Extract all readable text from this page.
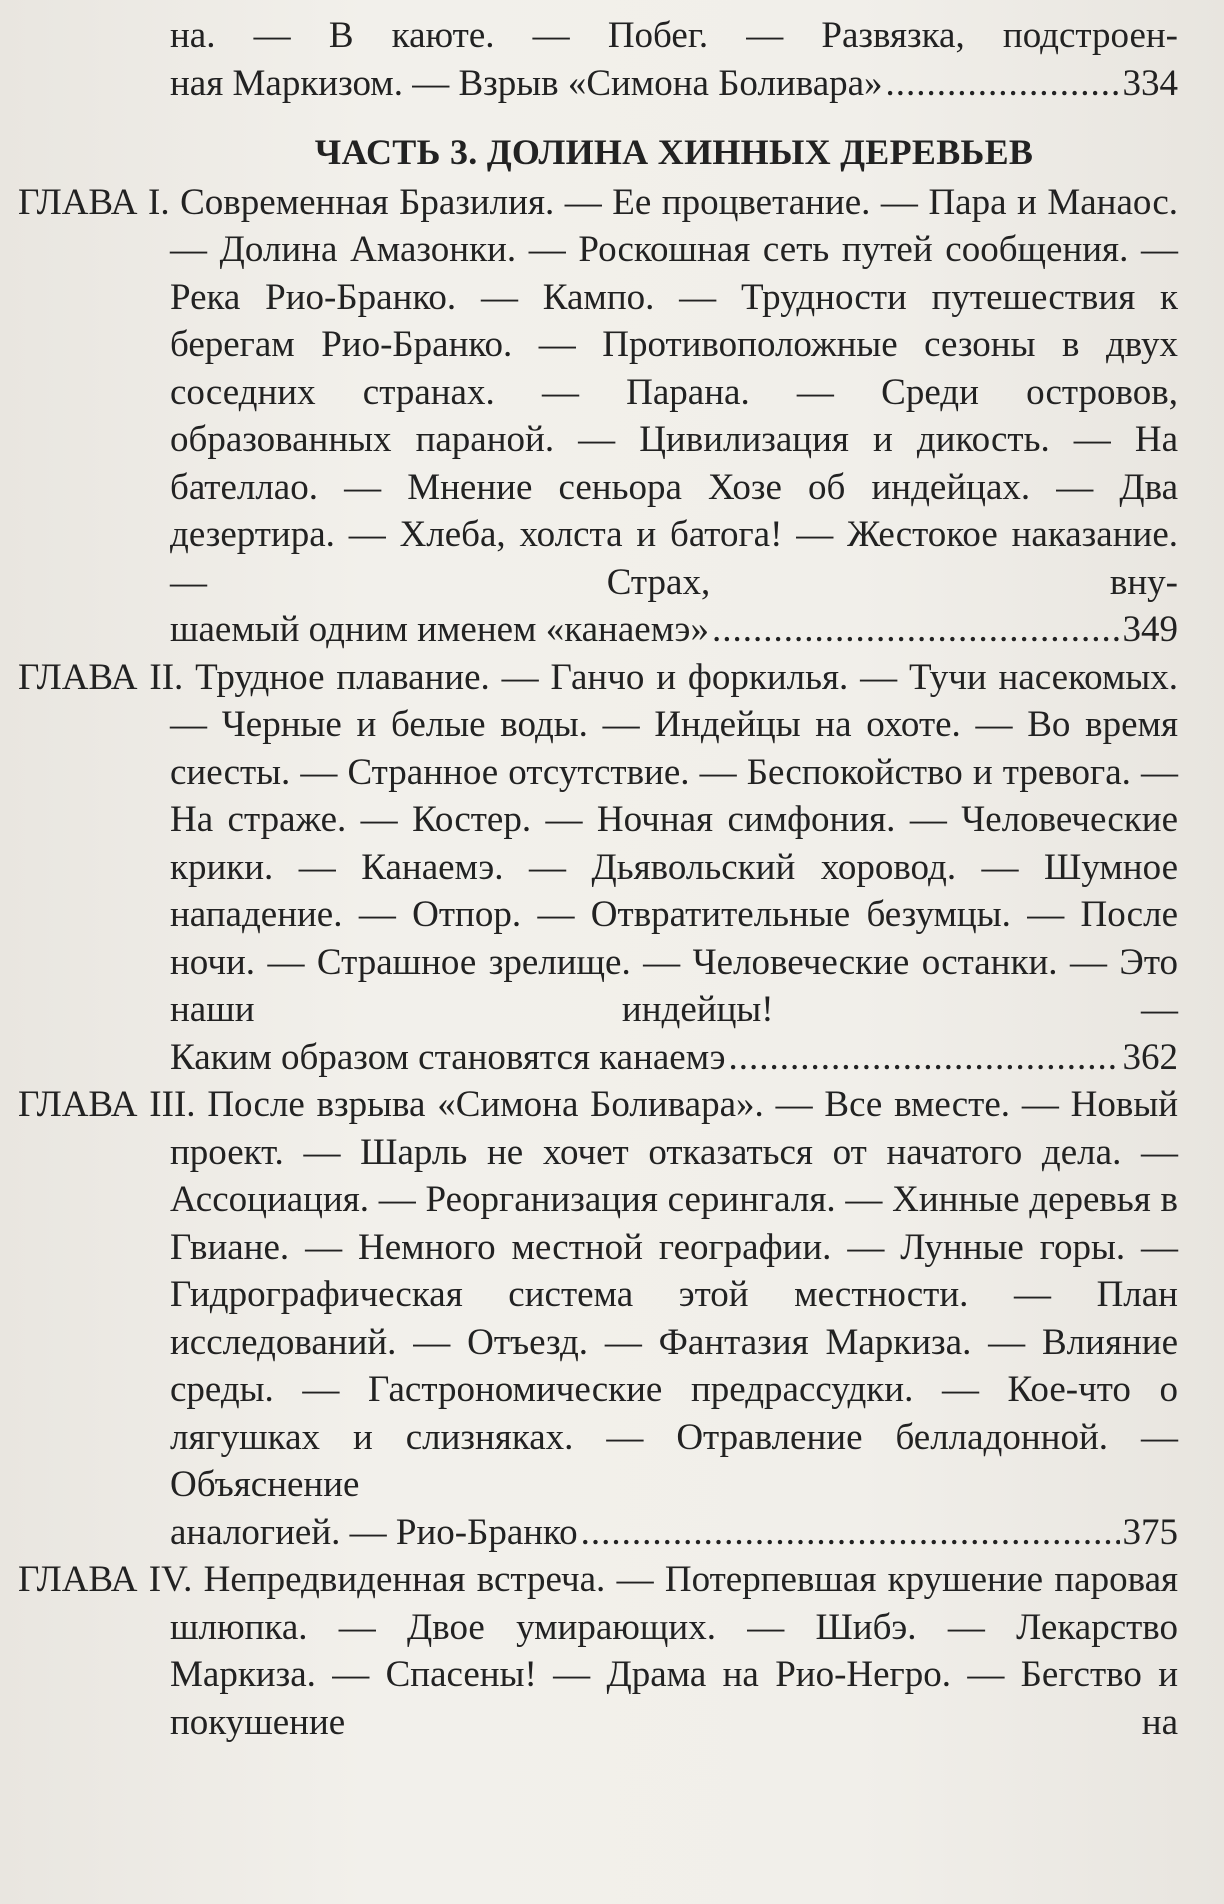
на. — В каюте. — Побег. — Развязка, подстроен-
ная Маркизом. — Взрыв «Симона Боливара» .....	334
ЧАСТЬ 3. ДОЛИНА ХИННЫХ ДЕРЕВЬЕВ
ГЛАВА I. Современная Бразилия. — Ее процветание. — Пара и Манаос. — Долина Амазонки. — Роскошная сеть путей сообщения. — Река Рио-Бранко. — Кампо. — Трудности путешествия к берегам Рио-Бранко. — Противоположные сезоны в двух соседних странах. — Парана. — Среди островов, образованных параной. — Цивилизация и дикость. — На бателлао. — Мнение сеньора Хозе об индейцах. — Два дезертира. — Хлеба, холста и батога! — Жестокое наказание. — Страх, вну-
шаемый одним именем «канаемэ» .....	349
ГЛАВА II. Трудное плавание. — Ганчо и форкилья. — Тучи насекомых. — Черные и белые воды. — Индейцы на охоте. — Во время сиесты. — Странное отсутствие. — Беспокойство и тревога. — На страже. — Костер. — Ночная симфония. — Человеческие крики. — Канаемэ. — Дьявольский хоровод. — Шумное нападение. — Отпор. — Отвратительные безумцы. — После ночи. — Страшное зрелище. — Человеческие останки. — Это наши индейцы! —
Каким образом становятся канаемэ .....	362
ГЛАВА III. После взрыва «Симона Боливара». — Все вместе. — Новый проект. — Шарль не хочет отказаться от начатого дела. — Ассоциация. — Реорганизация серингаля. — Хинные деревья в Гвиане. — Немного местной географии. — Лунные горы. — Гидрографическая система этой местности. — План исследований. — Отъезд. — Фантазия Маркиза. — Влияние среды. — Гастрономические предрассудки. — Кое-что о лягушках и слизняках. — Отравление белладонной. — Объяснение
аналогией. — Рио-Бранко .....	375
ГЛАВА IV. Непредвиденная встреча. — Потерпевшая крушение паровая шлюпка. — Двое умирающих. — Шибэ. — Лекарство Маркиза. — Спасены! — Драма на Рио-Негро. — Бегство и покушение на
